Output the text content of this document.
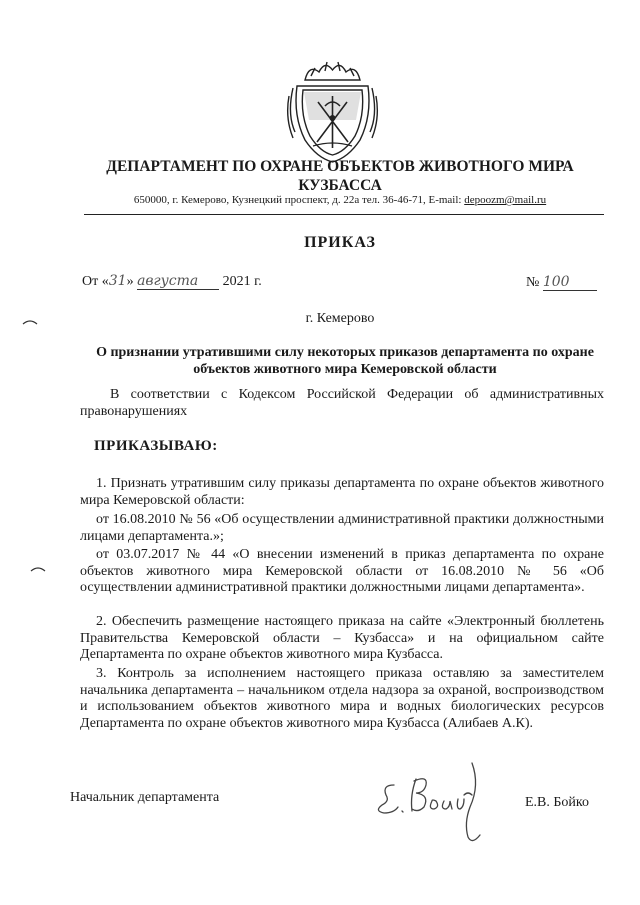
ДЕПАРТАМЕНТ ПО ОХРАНЕ ОБЪЕКТОВ ЖИВОТНОГО МИРА
КУЗБАССА
650000, г. Кемерово, Кузнецкий проспект, д. 22а тел. 36-46-71, E-mail: depoozm@mail.ru
ПРИКАЗ
От «31» августа 2021 г.	№ 100
г. Кемерово
О признании утратившими силу некоторых приказов департамента по охране объектов животного мира Кемеровской области
В соответствии с Кодексом Российской Федерации об административных правонарушениях
ПРИКАЗЫВАЮ:
1. Признать утратившим силу приказы департамента по охране объектов животного мира Кемеровской области:
от 16.08.2010 № 56 «Об осуществлении административной практики должностными лицами департамента.»;
от 03.07.2017 № 44 «О внесении изменений в приказ департамента по охране объектов животного мира Кемеровской области от 16.08.2010 № 56 «Об осуществлении административной практики должностными лицами департамента».
2. Обеспечить размещение настоящего приказа на сайте «Электронный бюллетень Правительства Кемеровской области – Кузбасса» и на официальном сайте Департамента по охране объектов животного мира Кузбасса.
3. Контроль за исполнением настоящего приказа оставляю за заместителем начальника департамента – начальником отдела надзора за охраной, воспроизводством и использованием объектов животного мира и водных биологических ресурсов Департамента по охране объектов животного мира Кузбасса (Алибаев А.К).
Начальник департамента	Е.В. Бойко
